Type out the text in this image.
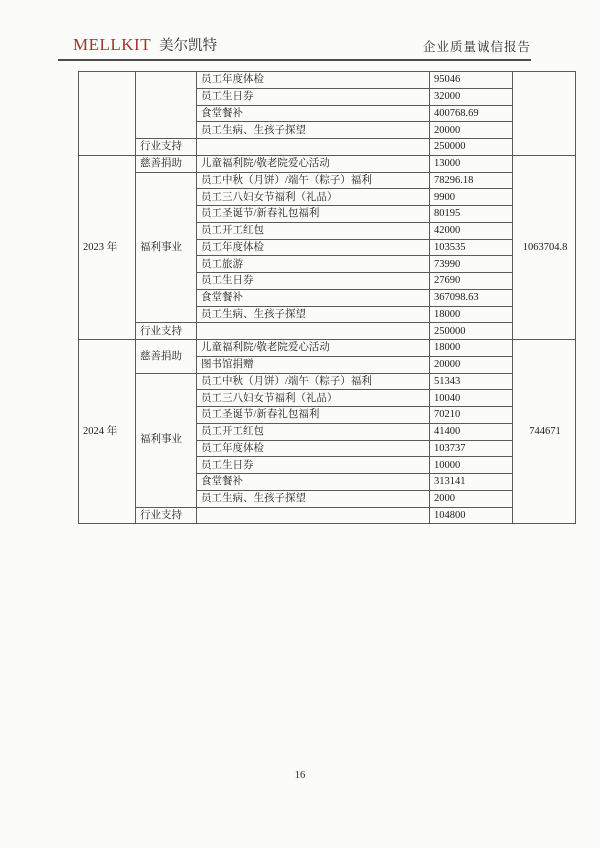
MELLKIT 美尔凯特	企业质量诚信报告
		员工年度体检	95046	
		员工生日券	32000	
		食堂餐补	400768.69	
		员工生病、生孩子探望	20000	
	行业支持		250000	
2023 年	慈善捐助	儿童福利院/敬老院爱心活动	13000	1063704.8
	福利事业	员工中秋（月饼）/端午（粽子）福利	78296.18	
		员工三八妇女节福利（礼品）	9900	
		员工圣诞节/新春礼包福利	80195	
		员工开工红包	42000	
		员工年度体检	103535	
		员工旅游	73990	
		员工生日券	27690	
		食堂餐补	367098.63	
		员工生病、生孩子探望	18000	
	行业支持		250000	
2024 年	慈善捐助	儿童福利院/敬老院爱心活动	18000	744671
		图书馆捐赠	20000	
	福利事业	员工中秋（月饼）/端午（粽子）福利	51343	
		员工三八妇女节福利（礼品）	10040	
		员工圣诞节/新春礼包福利	70210	
		员工开工红包	41400	
		员工年度体检	103737	
		员工生日券	10000	
		食堂餐补	313141	
		员工生病、生孩子探望	2000	
	行业支持		104800	
16
